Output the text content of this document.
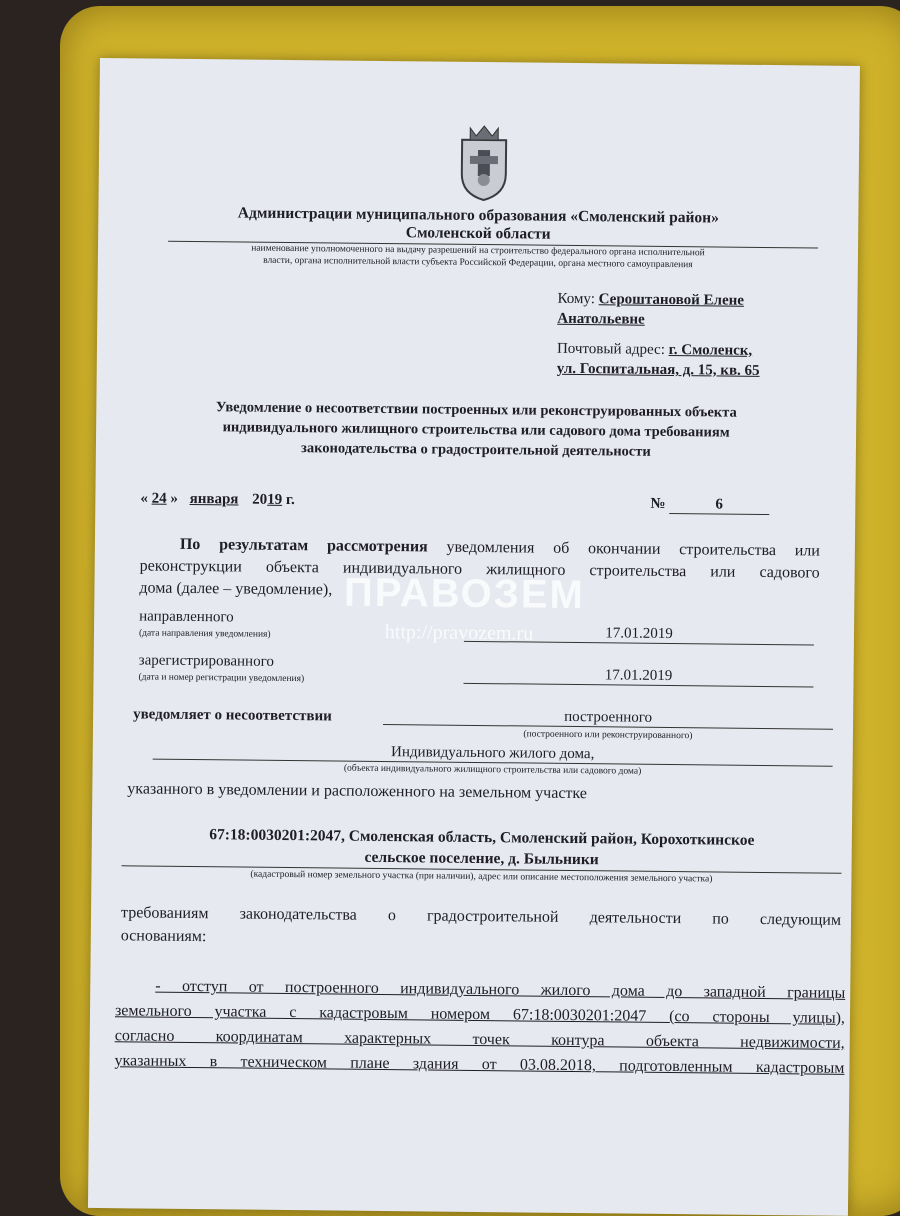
Администрации муниципального образования «Смоленский район»
Смоленской области
наименование уполномоченного на выдачу разрешений на строительство федерального органа исполнительной
власти, органа исполнительной власти субъекта Российской Федерации, органа местного самоуправления
Кому: Сероштановой Елене
Анатольевне
Почтовый адрес: г. Смоленск,
ул. Госпитальная, д. 15, кв. 65
Уведомление о несоответствии построенных или реконструированных объекта
индивидуального жилищного строительства или садового дома требованиям
законодательства о градостроительной деятельности
« 24 » января 2019 г.	№	6
По результатам рассмотрения уведомления об окончании строительства или
реконструкции объекта индивидуального жилищного строительства или садового
дома (далее – уведомление),
направленного
(дата направления уведомления)	17.01.2019
зарегистрированного
(дата и номер регистрации уведомления)	17.01.2019
уведомляет о несоответствии	построенного
(построенного или реконструированного)
Индивидуального жилого дома,
(объекта индивидуального жилищного строительства или садового дома)
указанного в уведомлении и расположенного на земельном участке
67:18:0030201:2047, Смоленская область, Смоленский район, Корохоткинское
сельское поселение, д. Быльники
(кадастровый номер земельного участка (при наличии), адрес или описание местоположения земельного участка)
требованиям законодательства о градостроительной деятельности по следующим
основаниям:
- отступ от построенного индивидуального жилого дома до западной границы
земельного участка с кадастровым номером 67:18:0030201:2047 (со стороны улицы),
согласно координатам характерных точек контура объекта недвижимости,
указанных в техническом плане здания от 03.08.2018, подготовленным кадастровым
ПРАВОЗЕМ
http://pravozem.ru
